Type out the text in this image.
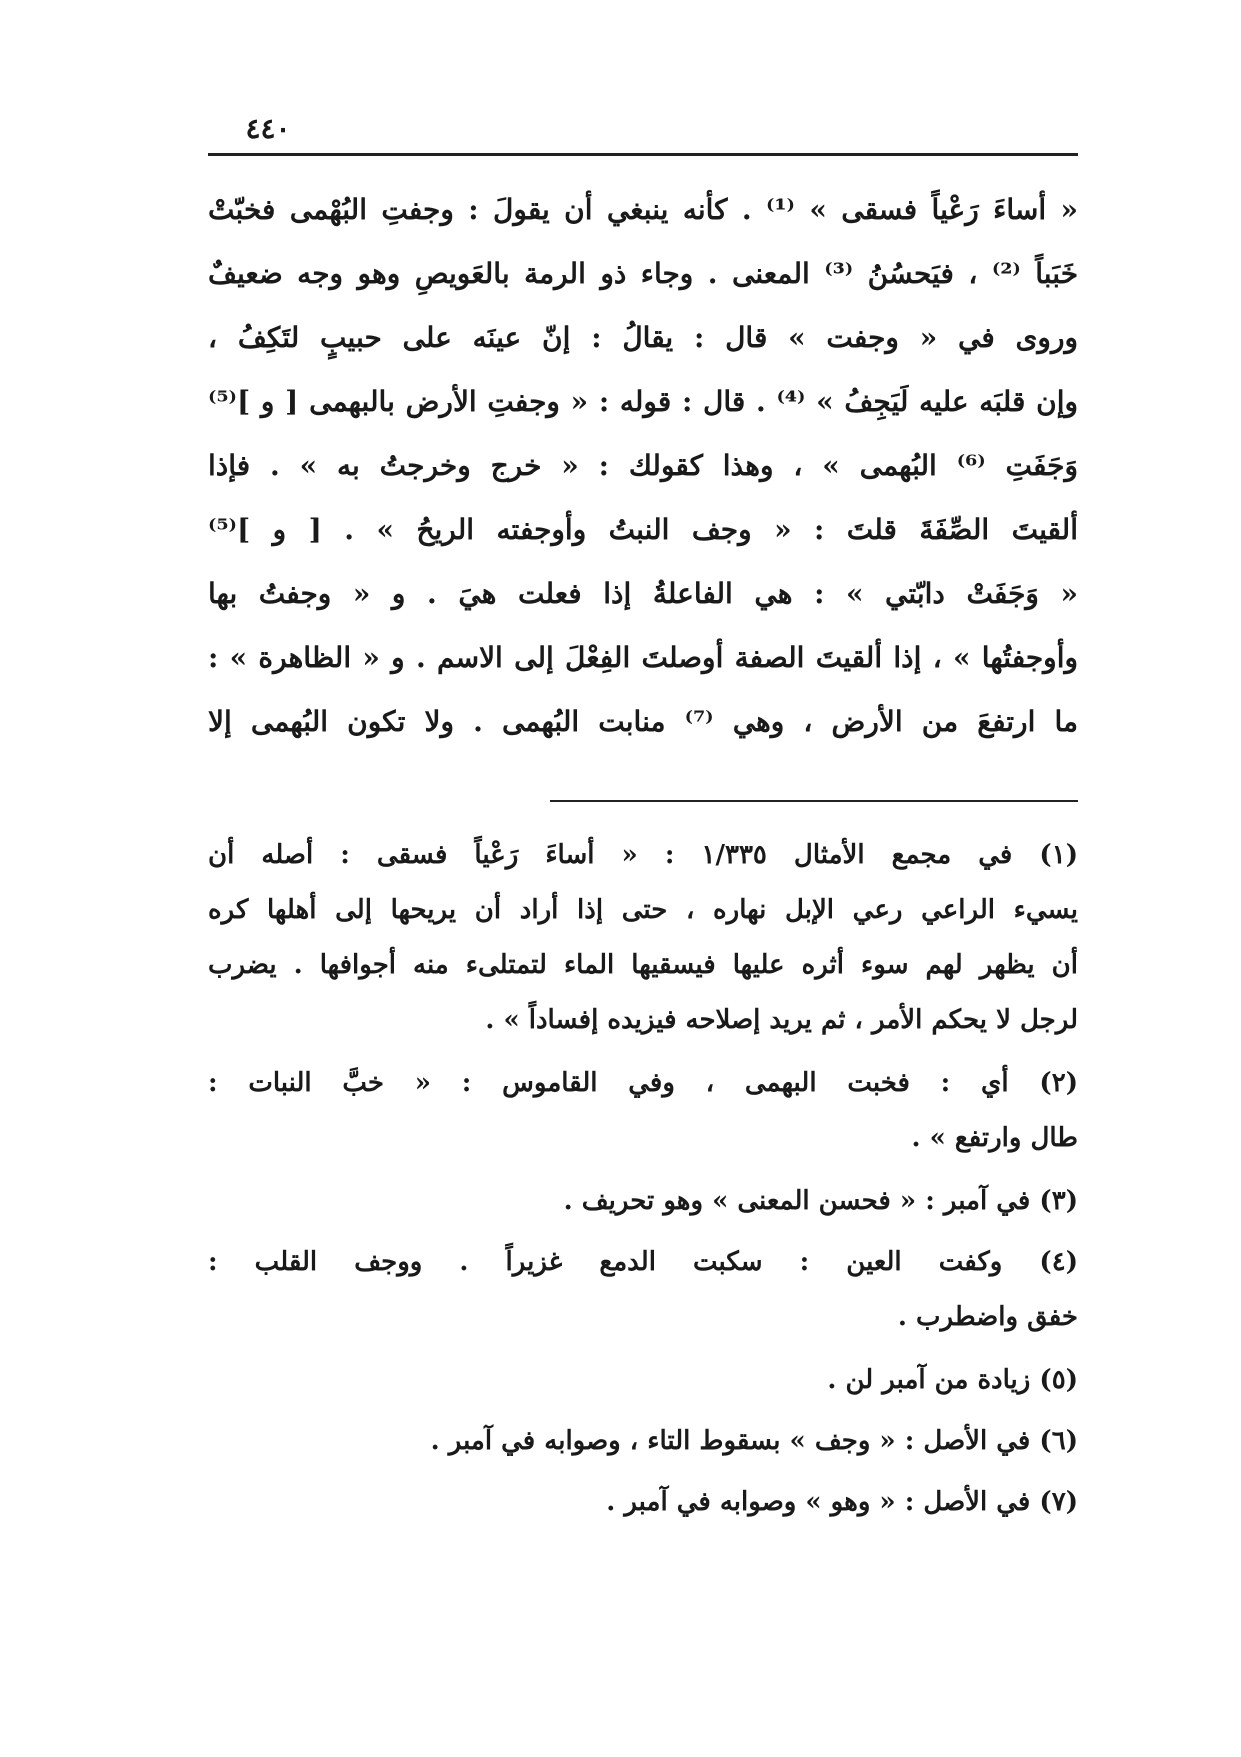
٤٤٠
« أساءَ رَعْياً فسقى » ⁽¹⁾ . كأنه ينبغي أن يقولَ : وجفتِ البُهْمى فخبّتْ
خَبَباً ⁽²⁾ ، فيَحسُنُ ⁽³⁾ المعنى . وجاء ذو الرمة بالعَويصِ وهو وجه ضعيفٌ
وروى في « وجفت » قال : يقالُ : إنّ عينَه على حبيبٍ لتَكِفُ ،
وإن قلبَه عليه لَيَجِفُ » ⁽⁴⁾ . قال : قوله : « وجفتِ الأرض بالبهمى [ و ]⁽⁵⁾
وَجَفَتِ ⁽⁶⁾ البُهمى » ، وهذا كقولك : « خرج وخرجتُ به » . فإذا
ألقيتَ الصِّفَةَ قلتَ : « وجف النبتُ وأوجفته الريحُ » . [ و ]⁽⁵⁾
« وَجَفَتْ دابّتي » : هي الفاعلةُ إذا فعلت هيَ . و « وجفتُ بها
وأوجفتُها » ، إذا ألقيتَ الصفة أوصلتَ الفِعْلَ إلى الاسم . و « الظاهرة » :
ما ارتفعَ من الأرض ، وهي ⁽⁷⁾ منابت البُهمى . ولا تكون البُهمى إلا
(١) في مجمع الأمثال ١/٣٣٥ : « أساءَ رَعْياً فسقى : أصله أن
يسيء الراعي رعي الإبل نهاره ، حتى إذا أراد أن يريحها إلى أهلها كره
أن يظهر لهم سوء أثره عليها فيسقيها الماء لتمتلىء منه أجوافها . يضرب
لرجل لا يحكم الأمر ، ثم يريد إصلاحه فيزيده إفساداً » .
(٢) أي : فخبت البهمى ، وفي القاموس : « خبَّ النبات :
طال وارتفع » .
(٣) في آمبر : « فحسن المعنى » وهو تحريف .
(٤) وكفت العين : سكبت الدمع غزيراً . ووجف القلب :
خفق واضطرب .
(٥) زيادة من آمبر لن .
(٦) في الأصل : « وجف » بسقوط التاء ، وصوابه في آمبر .
(٧) في الأصل : « وهو » وصوابه في آمبر .
